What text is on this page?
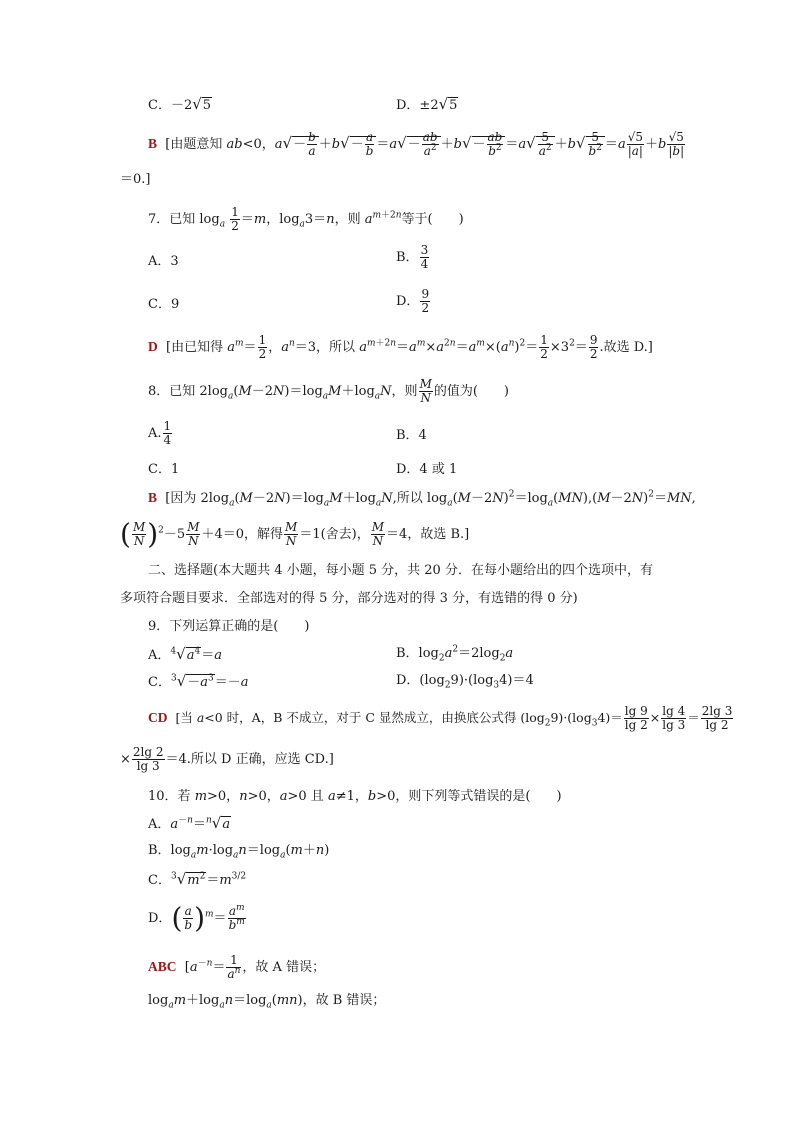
C．－2√5	D．±2√5
B  [由题意知 ab<0，$a√- \frac{b}{a} +b√- \frac{a}{b} =a√- \frac{ab}{a^2} +b√- \frac{ab}{b^2} =a√ \frac{5}{a^2} +b√ \frac{5}{b^2} =a \frac{√5}{|a|} +b \frac{√5}{|b|}$
＝0.]
7．已知 $\log_a \frac{1}{2} =m$，$\log_a3=n$，则 $a^{m+2n}$等于(　　)
A．3	B． $\frac{3}{4}$
C．9	D． $\frac{9}{2}$
D  [由已知得 $a^m= \frac{1}{2}$ ，$a^n=3$，所以 $a^{m+2n}=a^m\times a^{2n}=a^m\times(a^n)^2= \frac{1}{2} \times 3^2= \frac{9}{2}$ .故选 D.]
8．已知 $2\log_a(M-2N)=\log_aM+\log_aN$，则 $\frac{M}{N}$ 的值为(　　)
A. $\frac{1}{4}$	B．4
C．1	D．4 或 1
B  [因为 $2\log_a(M-2N)=\log_aM+\log_aN$,所以 $\log_a(M-2N)^2=\log_a(MN),(M-2N)^2=MN$,
( $\frac{M}{N} )^2-5 \frac{M}{N} +4=0$，解得 $\frac{M}{N} =1$(舍去)， $\frac{M}{N} =4$，故选 B.]
二、选择题(本大题共 4 小题，每小题 5 分，共 20 分．在每小题给出的四个选项中，有
多项符合题目要求．全部选对的得 5 分，部分选对的得 3 分，有选错的得 0 分)
9．下列运算正确的是(　　)
A．$^4√a^4=a$	B．$\log_2a^2=2\log_2a$
C．$^3√-a^3=-a$	D．$(\log_29)\cdot(\log_34)=4$
CD  [当 a<0 时，A，B 不成立，对于 C 显然成立，由换底公式得 $(\log_29)\cdot(\log_34)= \frac{\lg 9}{\lg 2} \times \frac{\lg 4}{\lg 3} = \frac{2\lg 3}{\lg 2}$
× $\frac{2\lg 2}{\lg 3} =4$.所以 D 正确，应选 CD.]
10．若 m>0，n>0，a>0 且 a≠1，b>0，则下列等式错误的是(　　)
A．$a^{-n}=^n√a$
B．$\log_am\cdot\log_an=\log_a(m+n)$
C．$^3√m^2=m^{3/2}$
D．( $\frac{a}{b} )^m= \frac{a^m}{b^m}$
ABC  [$a^{-n}= \frac{1}{a^n}$ ，故 A 错误；
$\log_am+\log_an=\log_a(mn)$，故 B 错误；
